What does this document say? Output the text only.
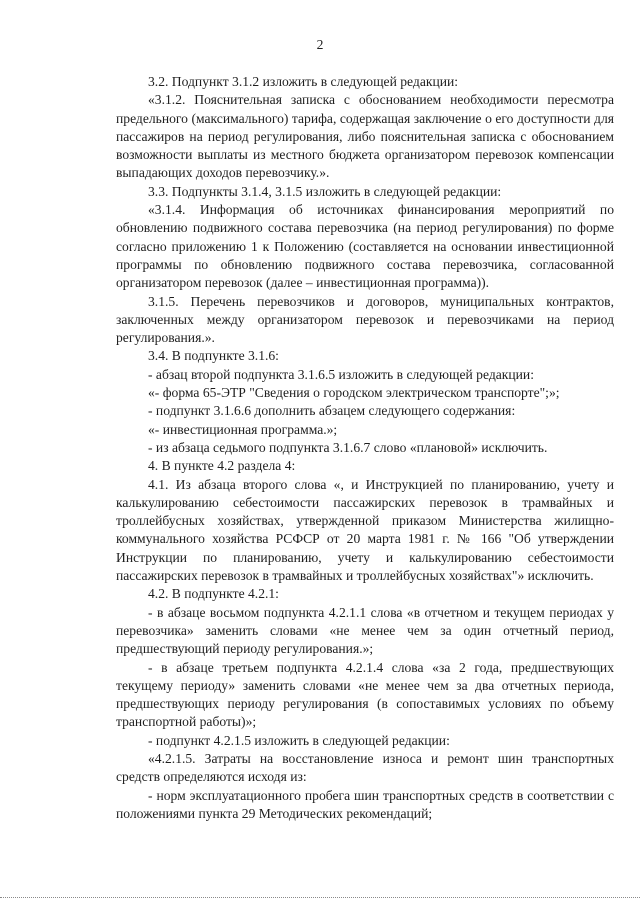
2

3.2. Подпункт 3.1.2 изложить в следующей редакции:

«3.1.2. Пояснительная записка с обоснованием необходимости пересмотра предельного (максимального) тарифа, содержащая заключение о его доступности для пассажиров на период регулирования, либо пояснительная записка с обоснованием возможности выплаты из местного бюджета организатором перевозок компенсации выпадающих доходов перевозчику.».

3.3. Подпункты 3.1.4, 3.1.5 изложить в следующей редакции:

«3.1.4. Информация об источниках финансирования мероприятий по обновлению подвижного состава перевозчика (на период регулирования) по форме согласно приложению 1 к Положению (составляется на основании инвестиционной программы по обновлению подвижного состава перевозчика, согласованной организатором перевозок (далее – инвестиционная программа)).

3.1.5. Перечень перевозчиков и договоров, муниципальных контрактов, заключенных между организатором перевозок и перевозчиками на период регулирования.».

3.4. В подпункте 3.1.6:

- абзац второй подпункта 3.1.6.5 изложить в следующей редакции:

«- форма 65-ЭТР "Сведения о городском электрическом транспорте";»;

- подпункт 3.1.6.6 дополнить абзацем следующего содержания:

«- инвестиционная программа.»;

- из абзаца седьмого подпункта 3.1.6.7 слово «плановой» исключить.

4. В пункте 4.2 раздела 4:

4.1. Из абзаца второго слова «, и Инструкцией по планированию, учету и калькулированию себестоимости пассажирских перевозок в трамвайных и троллейбусных хозяйствах, утвержденной приказом Министерства жилищно-коммунального хозяйства РСФСР от 20 марта 1981 г. № 166 "Об утверждении Инструкции по планированию, учету и калькулированию себестоимости пассажирских перевозок в трамвайных и троллейбусных хозяйствах"» исключить.

4.2. В подпункте 4.2.1:

- в абзаце восьмом подпункта 4.2.1.1 слова «в отчетном и текущем периодах у перевозчика» заменить словами «не менее чем за один отчетный период, предшествующий периоду регулирования.»;

- в абзаце третьем подпункта 4.2.1.4 слова «за 2 года, предшествующих текущему периоду» заменить словами «не менее чем за два отчетных периода, предшествующих периоду регулирования (в сопоставимых условиях по объему транспортной работы)»;

- подпункт 4.2.1.5 изложить в следующей редакции:

«4.2.1.5. Затраты на восстановление износа и ремонт шин транспортных средств определяются исходя из:

- норм эксплуатационного пробега шин транспортных средств в соответствии с положениями пункта 29 Методических рекомендаций;
